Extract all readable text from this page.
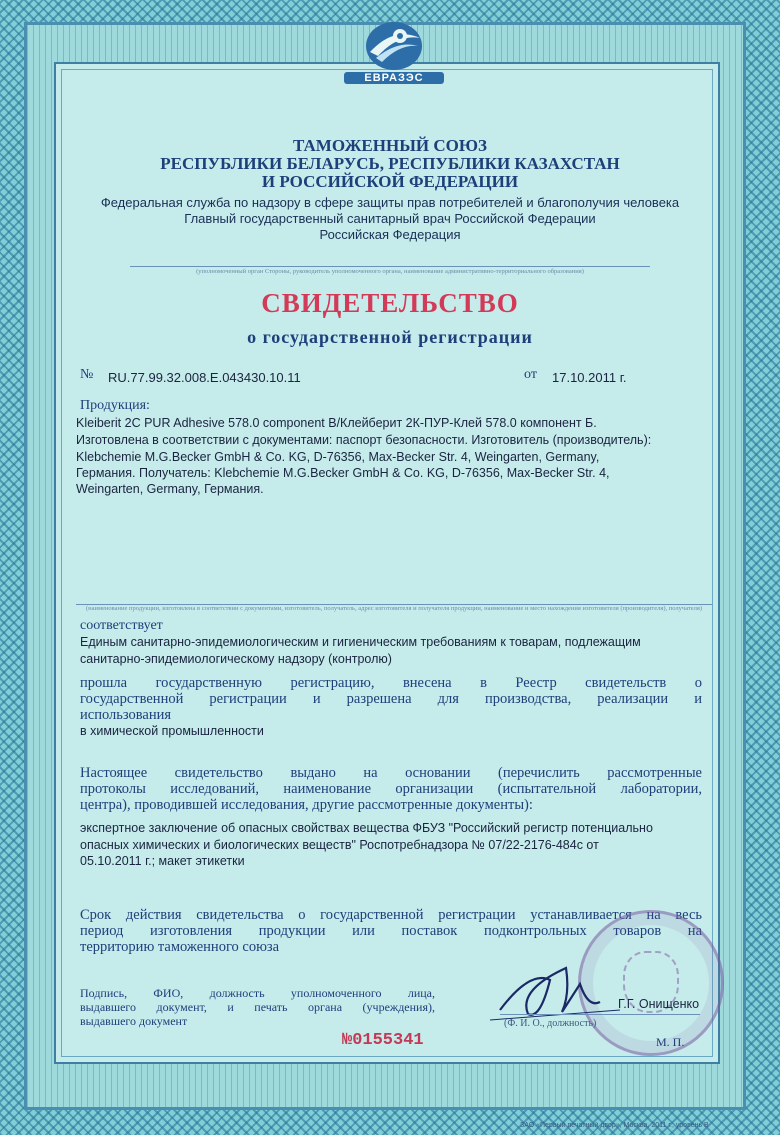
ЕВРАЗЭС
ТАМОЖЕННЫЙ СОЮЗ
РЕСПУБЛИКИ БЕЛАРУСЬ, РЕСПУБЛИКИ КАЗАХСТАН
И РОССИЙСКОЙ ФЕДЕРАЦИИ
Федеральная служба по надзору в сфере защиты прав потребителей и благополучия человека
Главный государственный санитарный врач Российской Федерации
Российская Федерация
(уполномоченный орган Стороны, руководитель уполномоченного органа, наименование административно-территориального образования)
СВИДЕТЕЛЬСТВО
о государственной регистрации
№ RU.77.99.32.008.E.043430.10.11	от 17.10.2011 г.
Продукция:
Kleiberit 2C PUR Adhesive 578.0 component B/Клейберит 2К-ПУР-Клей 578.0 компонент Б.
Изготовлена в соответствии с документами: паспорт безопасности. Изготовитель (производитель):
Klebchemie M.G.Becker GmbH & Co. KG, D-76356, Max-Becker Str. 4, Weingarten, Germany,
Германия. Получатель: Klebchemie M.G.Becker GmbH & Co. KG, D-76356, Max-Becker Str. 4,
Weingarten, Germany, Германия.
(наименование продукции, изготовлена в соответствии с документами, изготовитель, получатель, адрес изготовителя и получателя продукции, наименование и место нахождения изготовителя (производителя), получателя)
соответствует
Единым санитарно-эпидемиологическим и гигиеническим требованиям к товарам, подлежащим
санитарно-эпидемиологическому надзору (контролю)
прошла государственную регистрацию, внесена в Реестр свидетельств о
государственной регистрации и разрешена для производства, реализации и
использования
в химической промышленности
Настоящее свидетельство выдано на основании (перечислить рассмотренные
протоколы исследований, наименование организации (испытательной лаборатории,
центра), проводившей исследования, другие рассмотренные документы):
экспертное заключение об опасных свойствах вещества ФБУЗ "Российский регистр потенциально
опасных химических и биологических веществ" Роспотребнадзора № 07/22-2176-484с от
05.10.2011 г.; макет этикетки
Срок действия свидетельства о государственной регистрации устанавливается на весь
период изготовления продукции или поставок подконтрольных товаров на
территорию таможенного союза
Подпись, ФИО, должность уполномоченного лица,
выдавшего документ, и печать органа (учреждения),
выдавшего документ
Г.Г. Онищенко
(Ф. И. О., должность)
М. П.
№0155341
ЗАО «Первый печатный двор», Москва, 2011 г., уровень В
